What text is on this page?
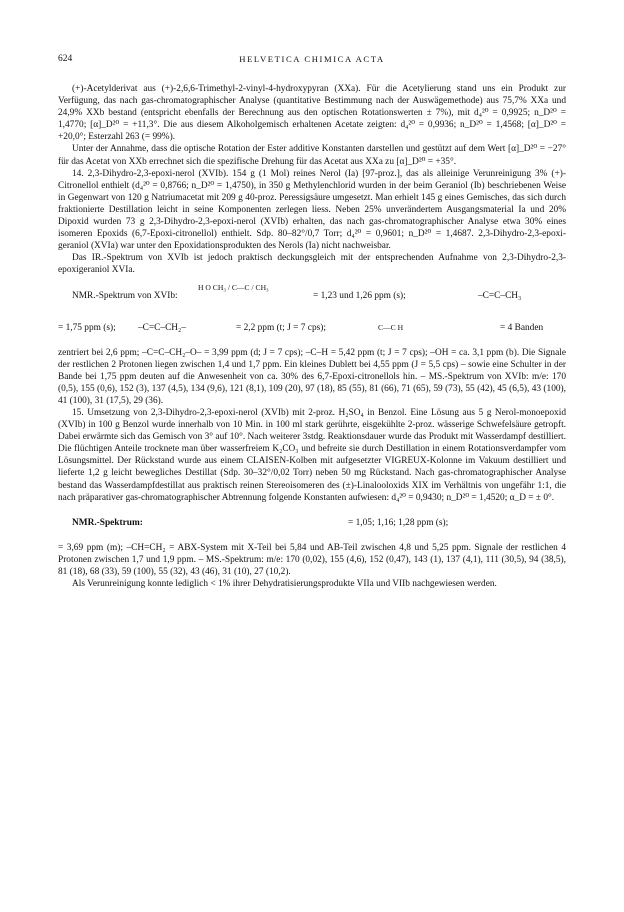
624	HELVETICA CHIMICA ACTA

(+)-Acetylderivat aus (+)-2,6,6-Trimethyl-2-vinyl-4-hydroxypyran (XXa). Für die Acetylierung stand uns ein Produkt zur Verfügung, das nach gas-chromatographischer Analyse (quantitative Bestimmung nach der Auswägemethode) aus 75,7% XXa und 24,9% XXb bestand (entspricht ebenfalls der Berechnung aus den optischen Rotationswerten ± 7%), mit d₄²⁰ = 0,9925; n_D²⁰ = 1,4770; [α]_D²⁰ = +11,3°. Die aus diesem Alkoholgemisch erhaltenen Acetate zeigten: d₄²⁰ = 0,9936; n_D²⁰ = 1,4568; [α]_D²⁰ = +20,0°; Esterzahl 263 (= 99%).

Unter der Annahme, dass die optische Rotation der Ester additive Konstanten darstellen und gestützt auf dem Wert [α]_D²⁰ = −27° für das Acetat von XXb errechnet sich die spezifische Drehung für das Acetat aus XXa zu [α]_D²⁰ = +35°.

14. 2,3-Dihydro-2,3-epoxi-nerol (XVIb). 154 g (1 Mol) reines Nerol (Ia) [97-proz.], das als alleinige Verunreinigung 3% (+)-Citronellol enthielt (d₄²⁰ = 0,8766; n_D²⁰ = 1,4750), in 350 g Methylenchlorid wurden in der beim Geraniol (Ib) beschriebenen Weise in Gegenwart von 120 g Natriumacetat mit 209 g 40-proz. Peressigsäure umgesetzt. Man erhielt 145 g eines Gemisches, das sich durch fraktionierte Destillation leicht in seine Komponenten zerlegen liess. Neben 25% unverändertem Ausgangsmaterial Ia und 20% Dipoxid wurden 73 g 2,3-Dihydro-2,3-epoxi-nerol (XVIb) erhalten, das nach gas-chromatographischer Analyse etwa 30% eines isomeren Epoxids (6,7-Epoxi-citronellol) enthielt. Sdp. 80–82°/0,7 Torr; d₄²⁰ = 0,9601; n_D²⁰ = 1,4687. 2,3-Dihydro-2,3-epoxi-geraniol (XVIa) war unter den Epoxidationsprodukten des Nerols (Ia) nicht nachweisbar.

Das IR.-Spektrum von XVIb ist jedoch praktisch deckungsgleich mit der entsprechenden Aufnahme von 2,3-Dihydro-2,3-epoxigeraniol XVIa.

NMR.-Spektrum von XVIb:
H O CH₃ / C—C / CH₃
= 1,23 und 1,26 ppm (s);	–C=C–CH₃
= 1,75 ppm (s); –C=C–CH₂–	= 2,2 ppm (t; J = 7 cps);	C—C H	= 4 Banden

zentriert bei 2,6 ppm; –C=C–CH₂–O– = 3,99 ppm (d; J = 7 cps); –C–H = 5,42 ppm (t; J = 7 cps); –OH = ca. 3,1 ppm (b). Die Signale der restlichen 2 Protonen liegen zwischen 1,4 und 1,7 ppm. Ein kleines Dublett bei 4,55 ppm (J = 5,5 cps) – sowie eine Schulter in der Bande bei 1,75 ppm deuten auf die Anwesenheit von ca. 30% des 6,7-Epoxi-citronellols hin. – MS.-Spektrum von XVIb: m/e: 170 (0,5), 155 (0,6), 152 (3), 137 (4,5), 134 (9,6), 121 (8,1), 109 (20), 97 (18), 85 (55), 81 (66), 71 (65), 59 (73), 55 (42), 45 (6,5), 43 (100), 41 (100), 31 (17,5), 29 (36).

15. Umsetzung von 2,3-Dihydro-2,3-epoxi-nerol (XVIb) mit 2-proz. H₂SO₄ in Benzol. Eine Lösung aus 5 g Nerol-monoepoxid (XVIb) in 100 g Benzol wurde innerhalb von 10 Min. in 100 ml stark gerührte, eisgekühlte 2-proz. wässerige Schwefelsäure getropft. Dabei erwärmte sich das Gemisch von 3° auf 10°. Nach weiterer 3stdg. Reaktionsdauer wurde das Produkt mit Wasserdampf destilliert. Die flüchtigen Anteile trocknete man über wasserfreiem K₂CO₃ und befreite sie durch Destillation in einem Rotationsverdampfer vom Lösungsmittel. Der Rückstand wurde aus einem CLAISEN-Kolben mit aufgesetzter VIGREUX-Kolonne im Vakuum destilliert und lieferte 1,2 g leicht bewegliches Destillat (Sdp. 30–32°/0,02 Torr) neben 50 mg Rückstand. Nach gas-chromatographischer Analyse bestand das Wasserdampfdestillat aus praktisch reinen Stereoisomeren des (±)-Linalooloxids XIX im Verhältnis von ungefähr 1:1, die nach präparativer gas-chromatographischer Abtrennung folgende Konstanten aufwiesen: d₄²⁰ = 0,9430; n_D²⁰ = 1,4520; α_D = ± 0°.

NMR.-Spektrum:	= 1,05; 1,16; 1,28 ppm (s);

= 3,69 ppm (m); –CH=CH₂ = ABX-System mit X-Teil bei 5,84 und AB-Teil zwischen 4,8 und 5,25 ppm. Signale der restlichen 4 Protonen zwischen 1,7 und 1,9 ppm. – MS.-Spektrum: m/e: 170 (0,02), 155 (4,6), 152 (0,47), 143 (1), 137 (4,1), 111 (30,5), 94 (38,5), 81 (18), 68 (33), 59 (100), 55 (32), 43 (46), 31 (10), 27 (10,2).

Als Verunreinigung konnte lediglich < 1% ihrer Dehydratisierungsprodukte VIIa und VIIb nachgewiesen werden.
